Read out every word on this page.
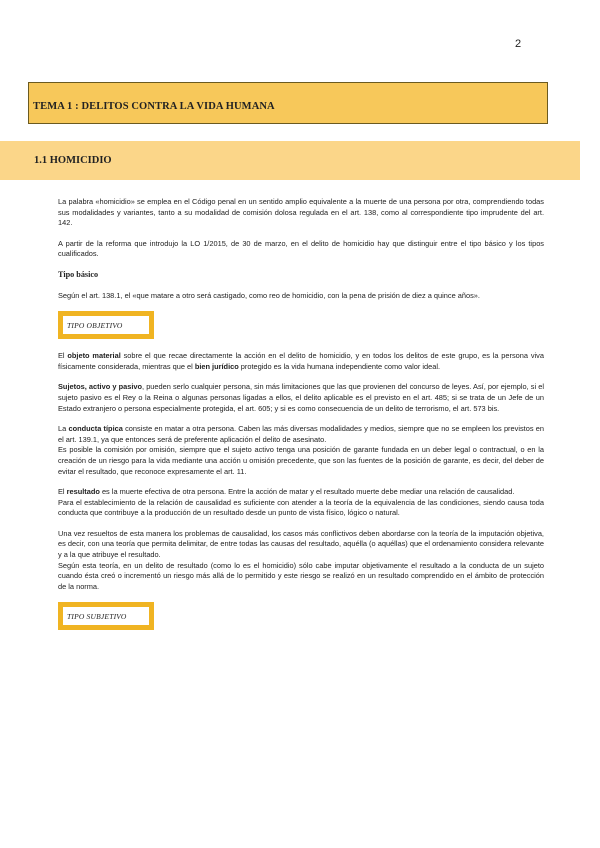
2
TEMA 1 : DELITOS CONTRA LA VIDA HUMANA
1.1 HOMICIDIO

La palabra «homicidio» se emplea en el Código penal en un sentido amplio equivalente a la muerte de una persona por otra, comprendiendo todas sus modalidades y variantes, tanto a su modalidad de comisión dolosa regulada en el art. 138, como al correspondiente tipo imprudente del art. 142.

A partir de la reforma que introdujo la LO 1/2015, de 30 de marzo, en el delito de homicidio hay que distinguir entre el tipo básico y los tipos cualificados.

Tipo básico

Según el art. 138.1, el «que matare a otro será castigado, como reo de homicidio, con la pena de prisión de diez a quince años».

TIPO OBJETIVO

El objeto material sobre el que recae directamente la acción en el delito de homicidio, y en todos los delitos de este grupo, es la persona viva físicamente considerada, mientras que el bien jurídico protegido es la vida humana independiente como valor ideal.

Sujetos, activo y pasivo, pueden serlo cualquier persona, sin más limitaciones que las que provienen del concurso de leyes. Así, por ejemplo, si el sujeto pasivo es el Rey o la Reina o algunas personas ligadas a ellos, el delito aplicable es el previsto en el art. 485; si se trata de un Jefe de un Estado extranjero o persona especialmente protegida, el art. 605; y si es como consecuencia de un delito de terrorismo, el art. 573 bis.

La conducta típica consiste en matar a otra persona. Caben las más diversas modalidades y medios, siempre que no se empleen los previstos en el art. 139.1, ya que entonces será de preferente aplicación el delito de asesinato.

Es posible la comisión por omisión, siempre que el sujeto activo tenga una posición de garante fundada en un deber legal o contractual, o en la creación de un riesgo para la vida mediante una acción u omisión precedente, que son las fuentes de la posición de garante, es decir, del deber de evitar el resultado, que reconoce expresamente el art. 11.

El resultado es la muerte efectiva de otra persona. Entre la acción de matar y el resultado muerte debe mediar una relación de causalidad.

Para el establecimiento de la relación de causalidad es suficiente con atender a la teoría de la equivalencia de las condiciones, siendo causa toda conducta que contribuye a la producción de un resultado desde un punto de vista físico, lógico o natural.

Una vez resueltos de esta manera los problemas de causalidad, los casos más conflictivos deben abordarse con la teoría de la imputación objetiva, es decir, con una teoría que permita delimitar, de entre todas las causas del resultado, aquélla (o aquéllas) que el ordenamiento considera relevante y a la que atribuye el resultado.

Según esta teoría, en un delito de resultado (como lo es el homicidio) sólo cabe imputar objetivamente el resultado a la conducta de un sujeto cuando ésta creó o incrementó un riesgo más allá de lo permitido y este riesgo se realizó en un resultado comprendido en el ámbito de protección de la norma.

TIPO SUBJETIVO
